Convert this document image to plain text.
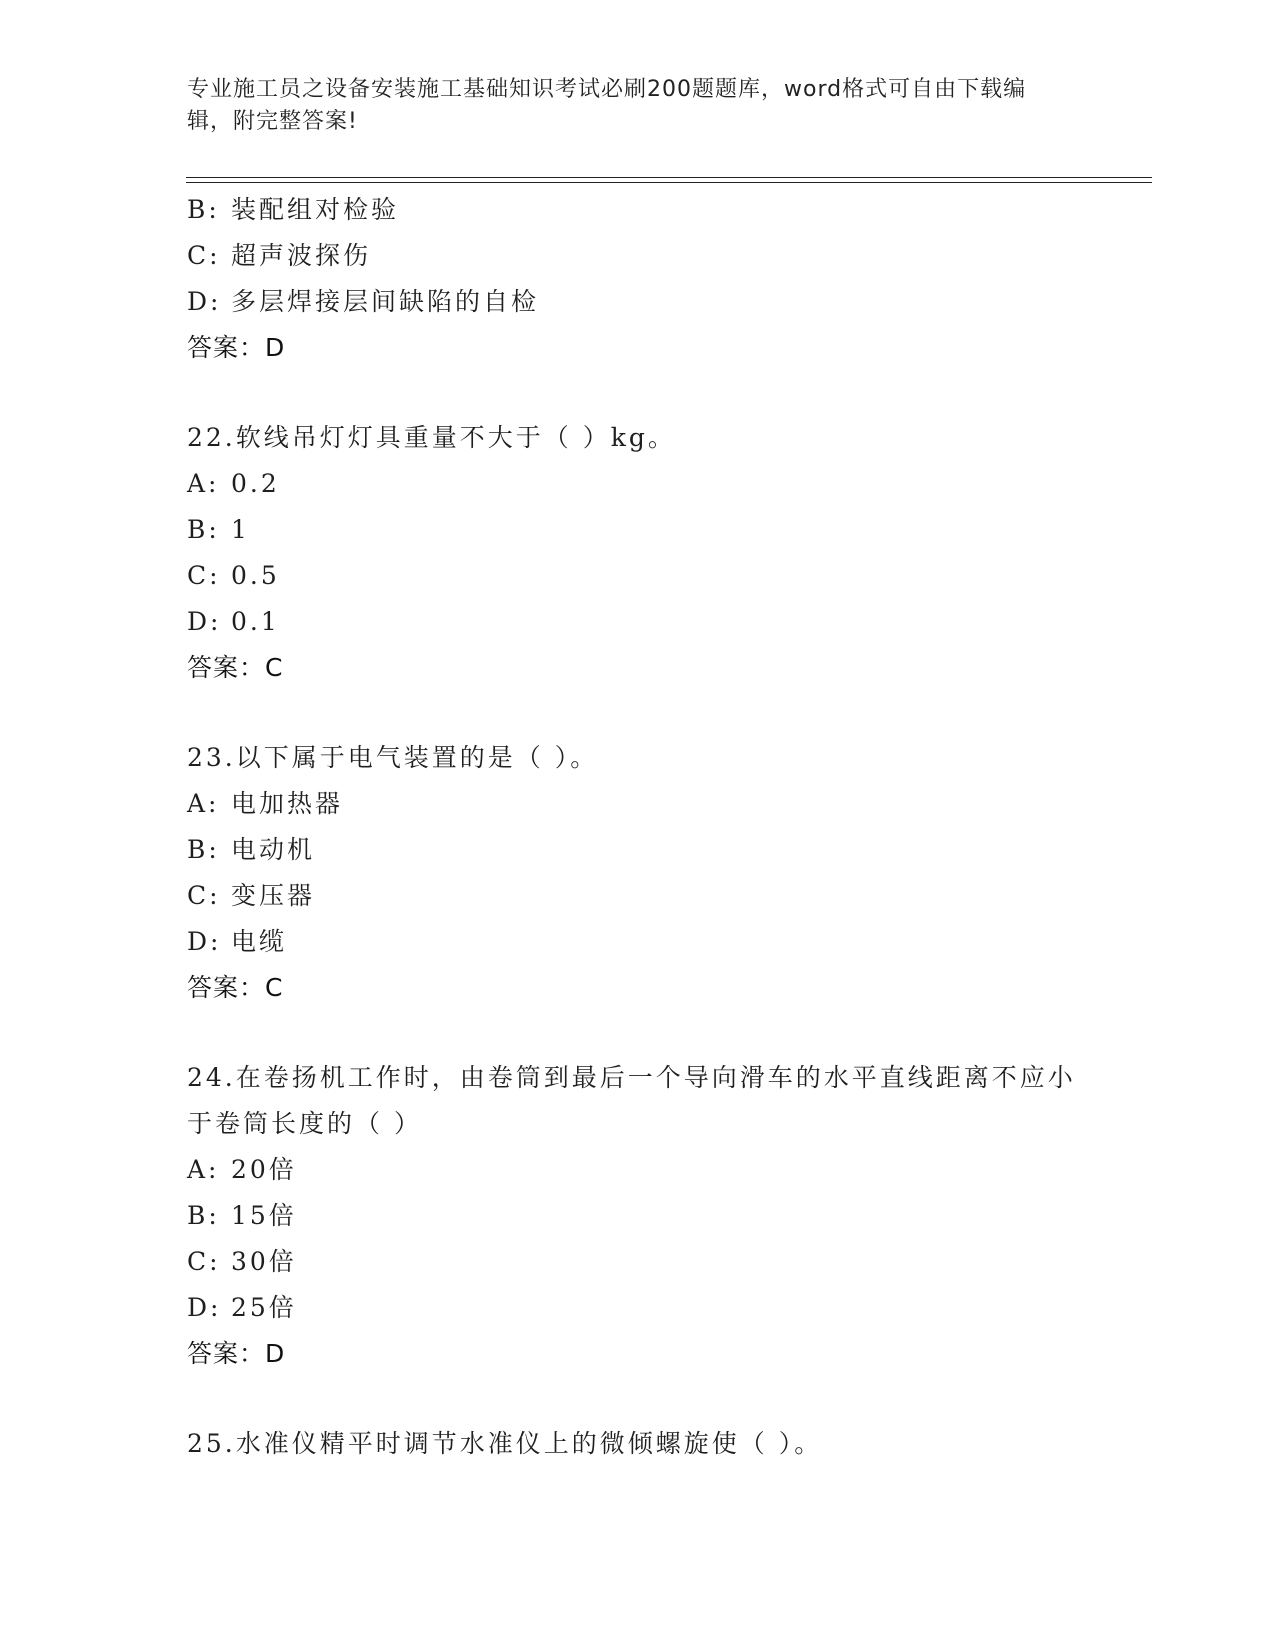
专业施工员之设备安装施工基础知识考试必刷200题题库，word格式可自由下载编辑，附完整答案!
B: 装配组对检验
C: 超声波探伤
D: 多层焊接层间缺陷的自检
答案：D
22.软线吊灯灯具重量不大于（ ）kg。
A: 0.2
B: 1
C: 0.5
D: 0.1
答案：C
23.以下属于电气装置的是（ ）。
A: 电加热器
B: 电动机
C: 变压器
D: 电缆
答案：C
24.在卷扬机工作时，由卷筒到最后一个导向滑车的水平直线距离不应小于卷筒长度的（ ）
A: 20倍
B: 15倍
C: 30倍
D: 25倍
答案：D
25.水准仪精平时调节水准仪上的微倾螺旋使（ ）。
